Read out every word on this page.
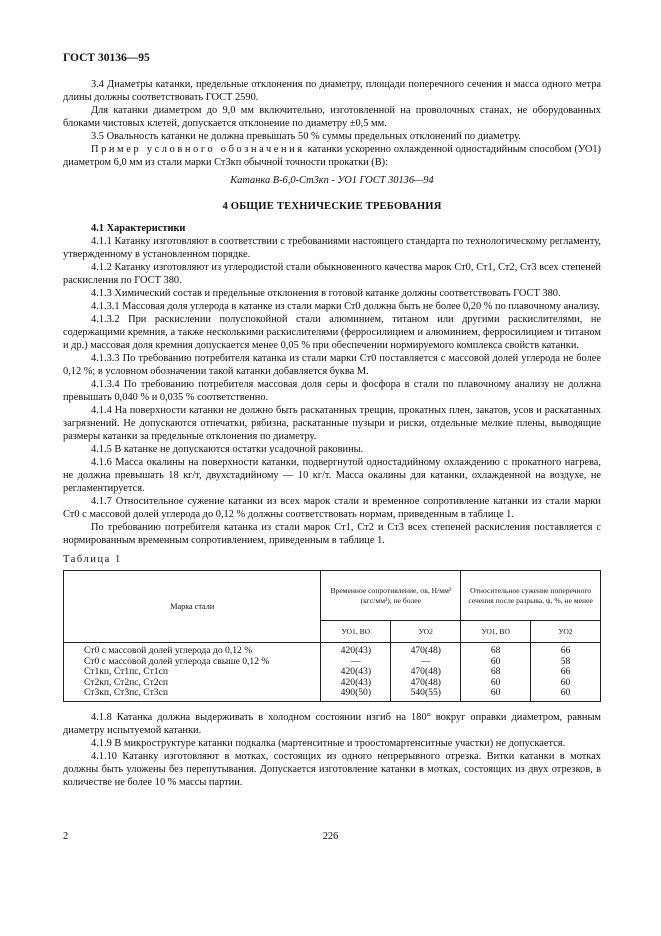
ГОСТ 30136—95

3.4 Диаметры катанки, предельные отклонения по диаметру, площади поперечного сечения и масса одного метра длины должны соответствовать ГОСТ 2590.

Для катанки диаметром до 9,0 мм включительно, изготовленной на проволочных станах, не оборудованных блоками чистовых клетей, допускается отклонение по диаметру ±0,5 мм.

3.5 Овальность катанки не должна превышать 50 % суммы предельных отклонений по диаметру.

Пример условного обозначения катанки ускоренно охлажденной одностадийным способом (УО1) диаметром 6,0 мм из стали марки Ст3кп обычной точности прокатки (В):

Катанка В-6,0-Ст3кп - УО1 ГОСТ 30136—94

4 ОБЩИЕ ТЕХНИЧЕСКИЕ ТРЕБОВАНИЯ

4.1 Характеристики

4.1.1 Катанку изготовляют в соответствии с требованиями настоящего стандарта по технологическому регламенту, утвержденному в установленном порядке.

4.1.2 Катанку изготовляют из углеродистой стали обыкновенного качества марок Ст0, Ст1, Ст2, Ст3 всех степеней раскисления по ГОСТ 380.

4.1.3 Химический состав и предельные отклонения в готовой катанке должны соответствовать ГОСТ 380.

4.1.3.1 Массовая доля углерода в катанке из стали марки Ст0 должна быть не более 0,20 % по плавочному анализу.

4.1.3.2 При раскислении полуспокойной стали алюминием, титаном или другими раскислителями, не содержащими кремния, а также несколькими раскислителями (ферросилицием и алюминием, ферросилицием и титаном и др.) массовая доля кремния допускается менее 0,05 % при обеспечении нормируемого комплекса свойств катанки.

4.1.3.3 По требованию потребителя катанка из стали марки Ст0 поставляется с массовой долей углерода не более 0,12 %; в условном обозначении такой катанки добавляется буква М.

4.1.3.4 По требованию потребителя массовая доля серы и фосфора в стали по плавочному анализу не должна превышать 0,040 % и 0,035 % соответственно.

4.1.4 На поверхности катанки не должно быть раскатанных трещин, прокатных плен, закатов, усов и раскатанных загрязнений. Не допускаются отпечатки, рябизна, раскатанные пузыри и риски, отдельные мелкие плены, выводящие размеры катанки за предельные отклонения по диаметру.

4.1.5 В катанке не допускаются остатки усадочной раковины.

4.1.6 Масса окалины на поверхности катанки, подвергнутой одностадийному охлаждению с прокатного нагрева, не должна превышать 18 кг/т, двухстадийному — 10 кг/т. Масса окалины для катанки, охлажденной на воздухе, не регламентируется.

4.1.7 Относительное сужение катанки из всех марок стали и временное сопротивление катанки из стали марки Ст0 с массовой долей углерода до 0,12 % должны соответствовать нормам, приведенным в таблице 1.

По требованию потребителя катанка из стали марок Ст1, Ст2 и Ст3 всех степеней раскисления поставляется с нормированным временным сопротивлением, приведенным в таблице 1.

Таблица 1

Марка стали	Временное сопротивление, σв, Н/мм² (кгс/мм²), не более		Относительное сужение поперечного сечения после разрыва, ψ, %, не менее	
	УО1, ВО	УО2	УО1, ВО	УО2
Ст0 с массовой долей углерода до 0,12 %	420(43)	470(48)	68	66
Ст0 с массовой долей углерода свыше 0,12 %	—	—	60	58
Ст1кп, Ст1пс, Ст1сп	420(43)	470(48)	68	66
Ст2кп, Ст2пс, Ст2сп	420(43)	470(48)	60	60
Ст3кп, Ст3пс, Ст3сп	490(50)	540(55)	60	60

4.1.8 Катанка должна выдерживать в холодном состоянии изгиб на 180° вокруг оправки диаметром, равным диаметру испытуемой катанки.

4.1.9 В микроструктуре катанки подкалка (мартенситные и троостомартенситные участки) не допускается.

4.1.10 Катанку изготовляют в мотках, состоящих из одного непрерывного отрезка. Витки катанки в мотках должны быть уложены без перепутывания. Допускается изготовление катанки в мотках, состоящих из двух отрезков, в количестве не более 10 % массы партии.

2	226
